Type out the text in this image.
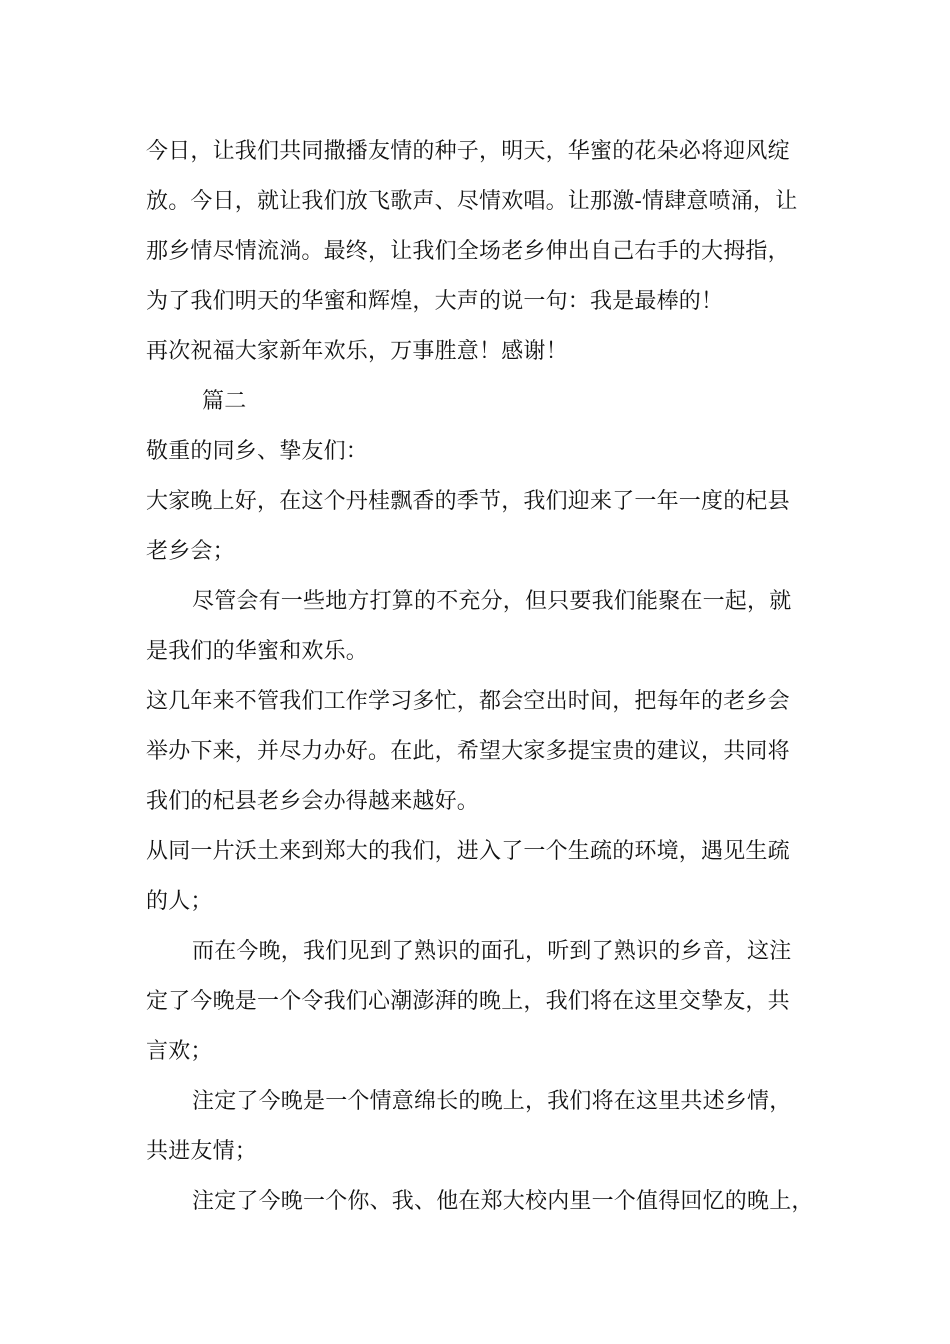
今日，让我们共同撒播友情的种子，明天，华蜜的花朵必将迎风绽
放。今日，就让我们放飞歌声、尽情欢唱。让那激-情肆意喷涌，让
那乡情尽情流淌。最终，让我们全场老乡伸出自己右手的大拇指，
为了我们明天的华蜜和辉煌，大声的说一句：我是最棒的！
再次祝福大家新年欢乐，万事胜意！感谢！
篇二
敬重的同乡、挚友们：
大家晚上好，在这个丹桂飘香的季节，我们迎来了一年一度的杞县
老乡会；
尽管会有一些地方打算的不充分，但只要我们能聚在一起，就
是我们的华蜜和欢乐。
这几年来不管我们工作学习多忙，都会空出时间，把每年的老乡会
举办下来，并尽力办好。在此，希望大家多提宝贵的建议，共同将
我们的杞县老乡会办得越来越好。
从同一片沃土来到郑大的我们，进入了一个生疏的环境，遇见生疏
的人；
而在今晚，我们见到了熟识的面孔，听到了熟识的乡音，这注
定了今晚是一个令我们心潮澎湃的晚上，我们将在这里交挚友，共
言欢；
注定了今晚是一个情意绵长的晚上，我们将在这里共述乡情，
共进友情；
注定了今晚一个你、我、他在郑大校内里一个值得回忆的晚上，
